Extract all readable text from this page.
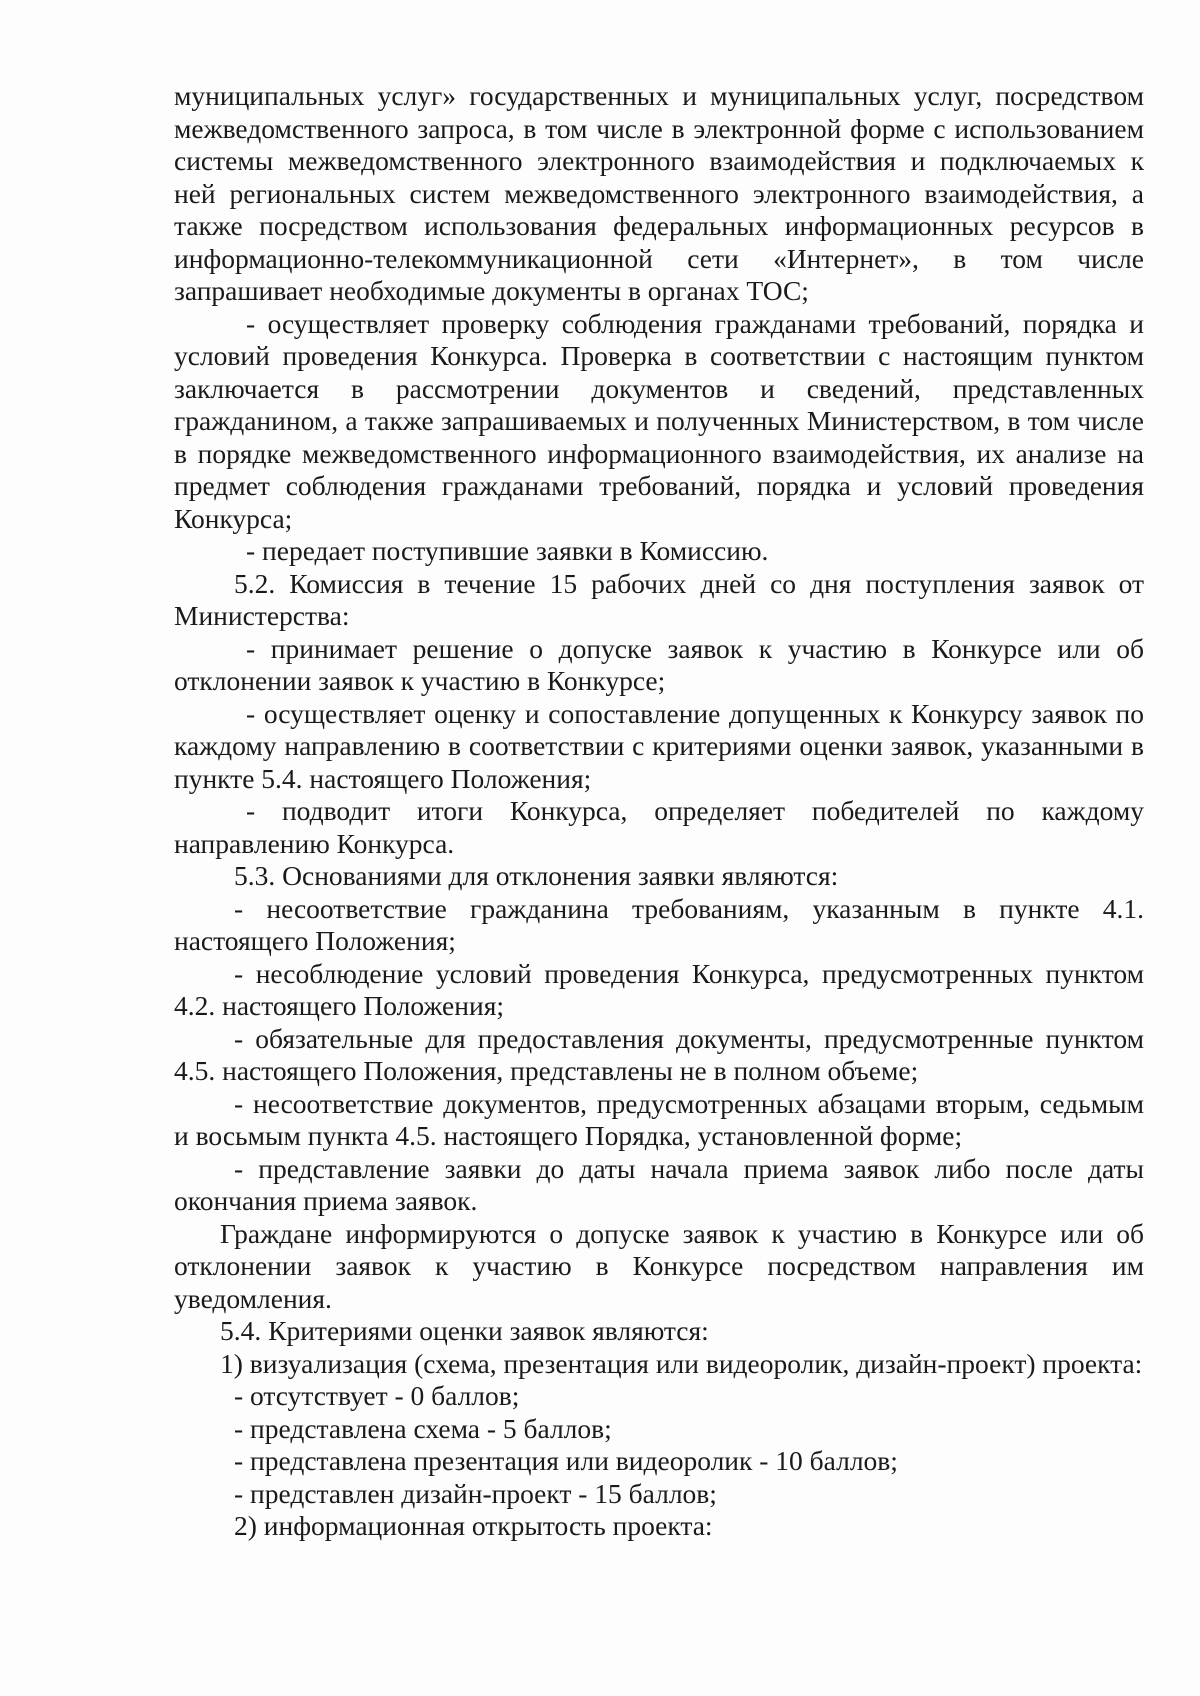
муниципальных услуг» государственных и муниципальных услуг, посредством межведомственного запроса, в том числе в электронной форме с использованием системы межведомственного электронного взаимодействия и подключаемых к ней региональных систем межведомственного электронного взаимодействия, а также посредством использования федеральных информационных ресурсов в информационно-телекоммуникационной сети «Интернет», в том числе запрашивает необходимые документы в органах ТОС;

- осуществляет проверку соблюдения гражданами требований, порядка и условий проведения Конкурса. Проверка в соответствии с настоящим пунктом заключается в рассмотрении документов и сведений, представленных гражданином, а также запрашиваемых и полученных Министерством, в том числе в порядке межведомственного информационного взаимодействия, их анализе на предмет соблюдения гражданами требований, порядка и условий проведения Конкурса;

- передает поступившие заявки в Комиссию.

5.2. Комиссия в течение 15 рабочих дней со дня поступления заявок от Министерства:

- принимает решение о допуске заявок к участию в Конкурсе или об отклонении заявок к участию в Конкурсе;

- осуществляет оценку и сопоставление допущенных к Конкурсу заявок по каждому направлению в соответствии с критериями оценки заявок, указанными в пункте 5.4. настоящего Положения;

- подводит итоги Конкурса, определяет победителей по каждому направлению Конкурса.

5.3. Основаниями для отклонения заявки являются:

- несоответствие гражданина требованиям, указанным в пункте 4.1. настоящего Положения;

- несоблюдение условий проведения Конкурса, предусмотренных пунктом 4.2. настоящего Положения;

- обязательные для предоставления документы, предусмотренные пунктом 4.5. настоящего Положения, представлены не в полном объеме;

- несоответствие документов, предусмотренных абзацами вторым, седьмым и восьмым пункта 4.5. настоящего Порядка, установленной форме;

- представление заявки до даты начала приема заявок либо после даты окончания приема заявок.

Граждане информируются о допуске заявок к участию в Конкурсе или об отклонении заявок к участию в Конкурсе посредством направления им уведомления.

5.4. Критериями оценки заявок являются:

1) визуализация (схема, презентация или видеоролик, дизайн-проект) проекта:

- отсутствует - 0 баллов;

- представлена схема - 5 баллов;

- представлена презентация или видеоролик - 10 баллов;

- представлен дизайн-проект - 15 баллов;

2) информационная открытость проекта:
